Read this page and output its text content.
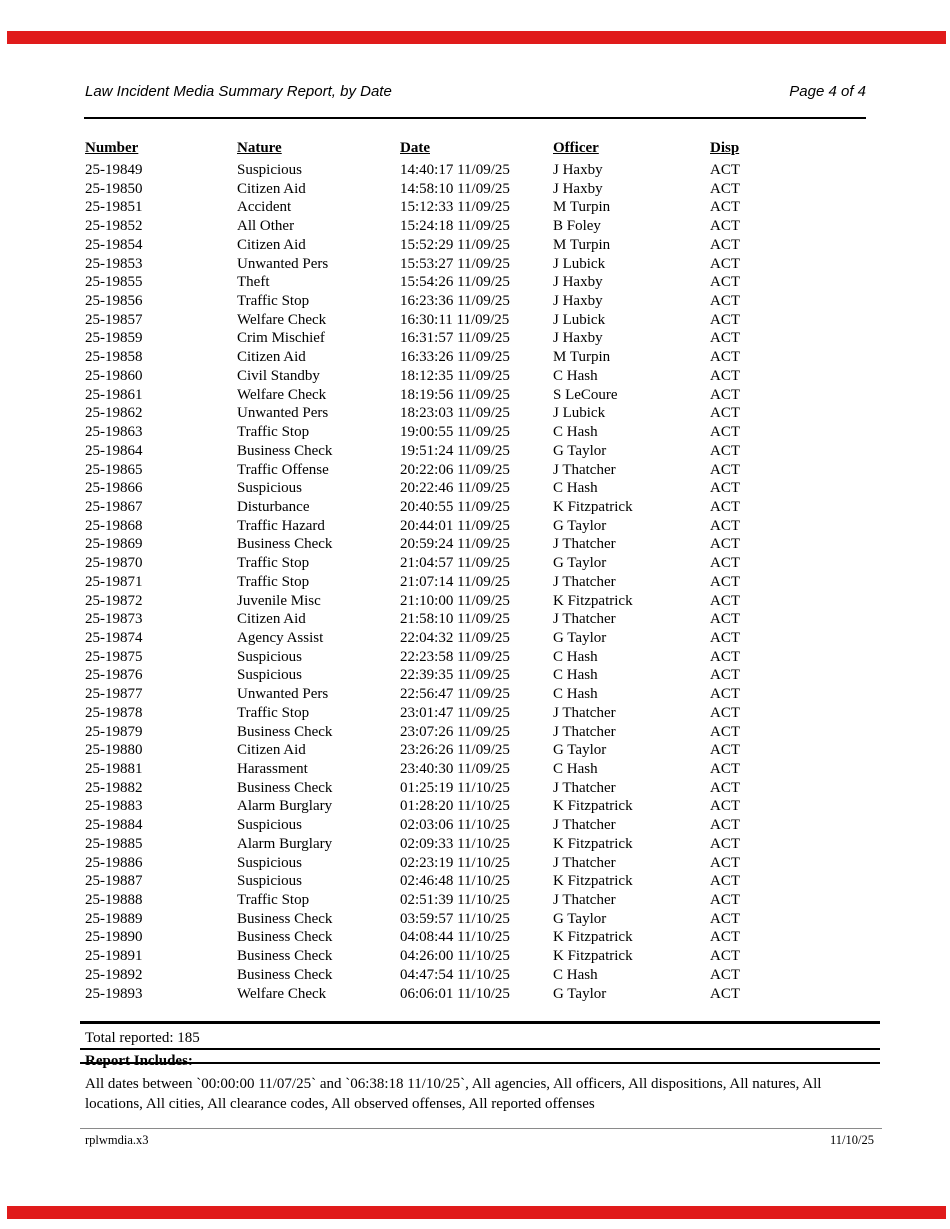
Law Incident Media Summary Report, by Date	Page 4 of 4
Number	Nature	Date	Officer	Disp
25-19849	Suspicious	14:40:17 11/09/25	J Haxby	ACT
25-19850	Citizen Aid	14:58:10 11/09/25	J Haxby	ACT
25-19851	Accident	15:12:33 11/09/25	M Turpin	ACT
25-19852	All Other	15:24:18 11/09/25	B Foley	ACT
25-19854	Citizen Aid	15:52:29 11/09/25	M Turpin	ACT
25-19853	Unwanted Pers	15:53:27 11/09/25	J Lubick	ACT
25-19855	Theft	15:54:26 11/09/25	J Haxby	ACT
25-19856	Traffic Stop	16:23:36 11/09/25	J Haxby	ACT
25-19857	Welfare Check	16:30:11 11/09/25	J Lubick	ACT
25-19859	Crim Mischief	16:31:57 11/09/25	J Haxby	ACT
25-19858	Citizen Aid	16:33:26 11/09/25	M Turpin	ACT
25-19860	Civil Standby	18:12:35 11/09/25	C Hash	ACT
25-19861	Welfare Check	18:19:56 11/09/25	S LeCoure	ACT
25-19862	Unwanted Pers	18:23:03 11/09/25	J Lubick	ACT
25-19863	Traffic Stop	19:00:55 11/09/25	C Hash	ACT
25-19864	Business Check	19:51:24 11/09/25	G Taylor	ACT
25-19865	Traffic Offense	20:22:06 11/09/25	J Thatcher	ACT
25-19866	Suspicious	20:22:46 11/09/25	C Hash	ACT
25-19867	Disturbance	20:40:55 11/09/25	K Fitzpatrick	ACT
25-19868	Traffic Hazard	20:44:01 11/09/25	G Taylor	ACT
25-19869	Business Check	20:59:24 11/09/25	J Thatcher	ACT
25-19870	Traffic Stop	21:04:57 11/09/25	G Taylor	ACT
25-19871	Traffic Stop	21:07:14 11/09/25	J Thatcher	ACT
25-19872	Juvenile Misc	21:10:00 11/09/25	K Fitzpatrick	ACT
25-19873	Citizen Aid	21:58:10 11/09/25	J Thatcher	ACT
25-19874	Agency Assist	22:04:32 11/09/25	G Taylor	ACT
25-19875	Suspicious	22:23:58 11/09/25	C Hash	ACT
25-19876	Suspicious	22:39:35 11/09/25	C Hash	ACT
25-19877	Unwanted Pers	22:56:47 11/09/25	C Hash	ACT
25-19878	Traffic Stop	23:01:47 11/09/25	J Thatcher	ACT
25-19879	Business Check	23:07:26 11/09/25	J Thatcher	ACT
25-19880	Citizen Aid	23:26:26 11/09/25	G Taylor	ACT
25-19881	Harassment	23:40:30 11/09/25	C Hash	ACT
25-19882	Business Check	01:25:19 11/10/25	J Thatcher	ACT
25-19883	Alarm Burglary	01:28:20 11/10/25	K Fitzpatrick	ACT
25-19884	Suspicious	02:03:06 11/10/25	J Thatcher	ACT
25-19885	Alarm Burglary	02:09:33 11/10/25	K Fitzpatrick	ACT
25-19886	Suspicious	02:23:19 11/10/25	J Thatcher	ACT
25-19887	Suspicious	02:46:48 11/10/25	K Fitzpatrick	ACT
25-19888	Traffic Stop	02:51:39 11/10/25	J Thatcher	ACT
25-19889	Business Check	03:59:57 11/10/25	G Taylor	ACT
25-19890	Business Check	04:08:44 11/10/25	K Fitzpatrick	ACT
25-19891	Business Check	04:26:00 11/10/25	K Fitzpatrick	ACT
25-19892	Business Check	04:47:54 11/10/25	C Hash	ACT
25-19893	Welfare Check	06:06:01 11/10/25	G Taylor	ACT
Total reported: 185
Report Includes:
All dates between `00:00:00 11/07/25` and `06:38:18 11/10/25`, All agencies, All officers, All dispositions, All natures, All locations, All cities, All clearance codes, All observed offenses, All reported offenses
rplwmdia.x3	11/10/25
